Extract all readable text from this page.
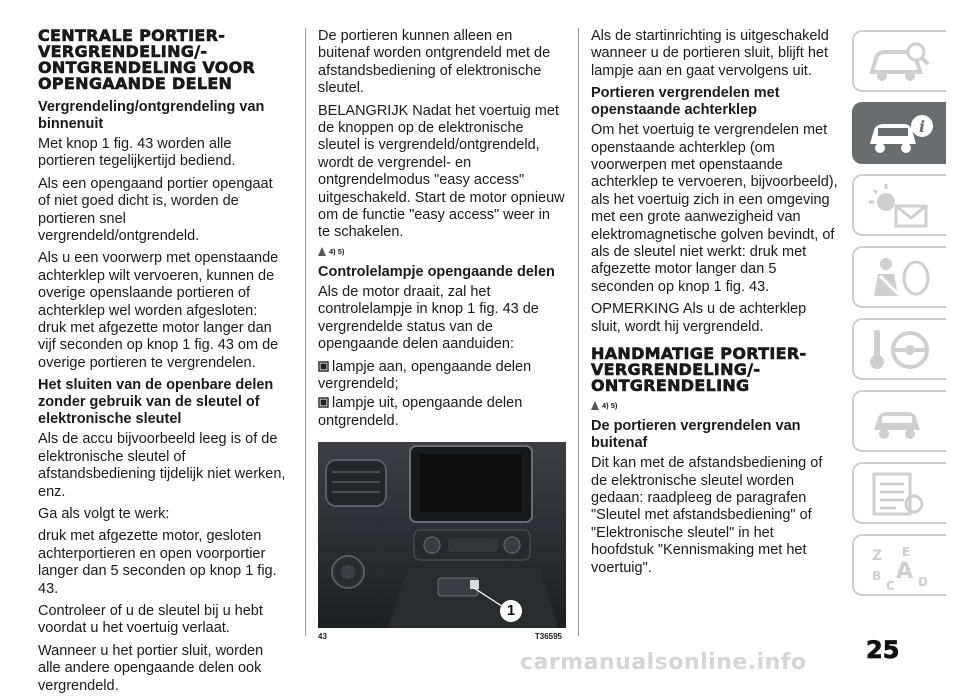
CENTRALE PORTIER-VERGRENDELING/-ONTGRENDELING VOOR OPENGAANDE DELEN
Vergrendeling/ontgrendeling van binnenuit

Met knop 1 fig. 43 worden alle portieren tegelijkertijd bediend.

Als een opengaand portier opengaat of niet goed dicht is, worden de portieren snel vergrendeld/ontgrendeld.

Als u een voorwerp met openstaande achterklep wilt vervoeren, kunnen de overige openslaande portieren of achterklep wel worden afgesloten: druk met afgezette motor langer dan vijf seconden op knop 1 fig. 43 om de overige portieren te vergrendelen.

Het sluiten van de openbare delen zonder gebruik van de sleutel of elektronische sleutel

Als de accu bijvoorbeeld leeg is of de elektronische sleutel of afstandsbediening tijdelijk niet werken, enz.

Ga als volgt te werk:

druk met afgezette motor, gesloten achterportieren en open voorportier langer dan 5 seconden op knop 1 fig. 43.

Controleer of u de sleutel bij u hebt voordat u het voertuig verlaat.

Wanneer u het portier sluit, worden alle andere opengaande delen ook vergrendeld.

De portieren kunnen alleen en buitenaf worden ontgrendeld met de afstandsbediening of elektronische sleutel.

BELANGRIJK Nadat het voertuig met de knoppen op de elektronische sleutel is vergrendeld/ontgrendeld, wordt de vergrendel- en ontgrendelmodus "easy access" uitgeschakeld. Start de motor opnieuw om de functie "easy access" weer in te schakelen.

4) 5)
Controlelampje opengaande delen

Als de motor draait, zal het controlelampje in knop 1 fig. 43 de vergrendelde status van de opengaande delen aanduiden:

lampje aan, opengaande delen vergrendeld;

lampje uit, opengaande delen ontgrendeld.

1
43	T36595

Als de startinrichting is uitgeschakeld wanneer u de portieren sluit, blijft het lampje aan en gaat vervolgens uit.

Portieren vergrendelen met openstaande achterklep

Om het voertuig te vergrendelen met openstaande achterklep (om voorwerpen met openstaande achterklep te vervoeren, bijvoorbeeld), als het voertuig zich in een omgeving met een grote aanwezigheid van elektromagnetische golven bevindt, of als de sleutel niet werkt: druk met afgezette motor langer dan 5 seconden op knop 1 fig. 43.

OPMERKING Als u de achterklep sluit, wordt hij vergrendeld.

HANDMATIGE PORTIER-VERGRENDELING/-ONTGRENDELING
4) 5)
De portieren vergrendelen van buitenaf

Dit kan met de afstandsbediening of de elektronische sleutel worden gedaan: raadpleeg de paragrafen "Sleutel met afstandsbediening" of "Elektronische sleutel" in het hoofdstuk "Kennismaking met het voertuig".

i
Z E
B A
C D
25
carmanualsonline.info
